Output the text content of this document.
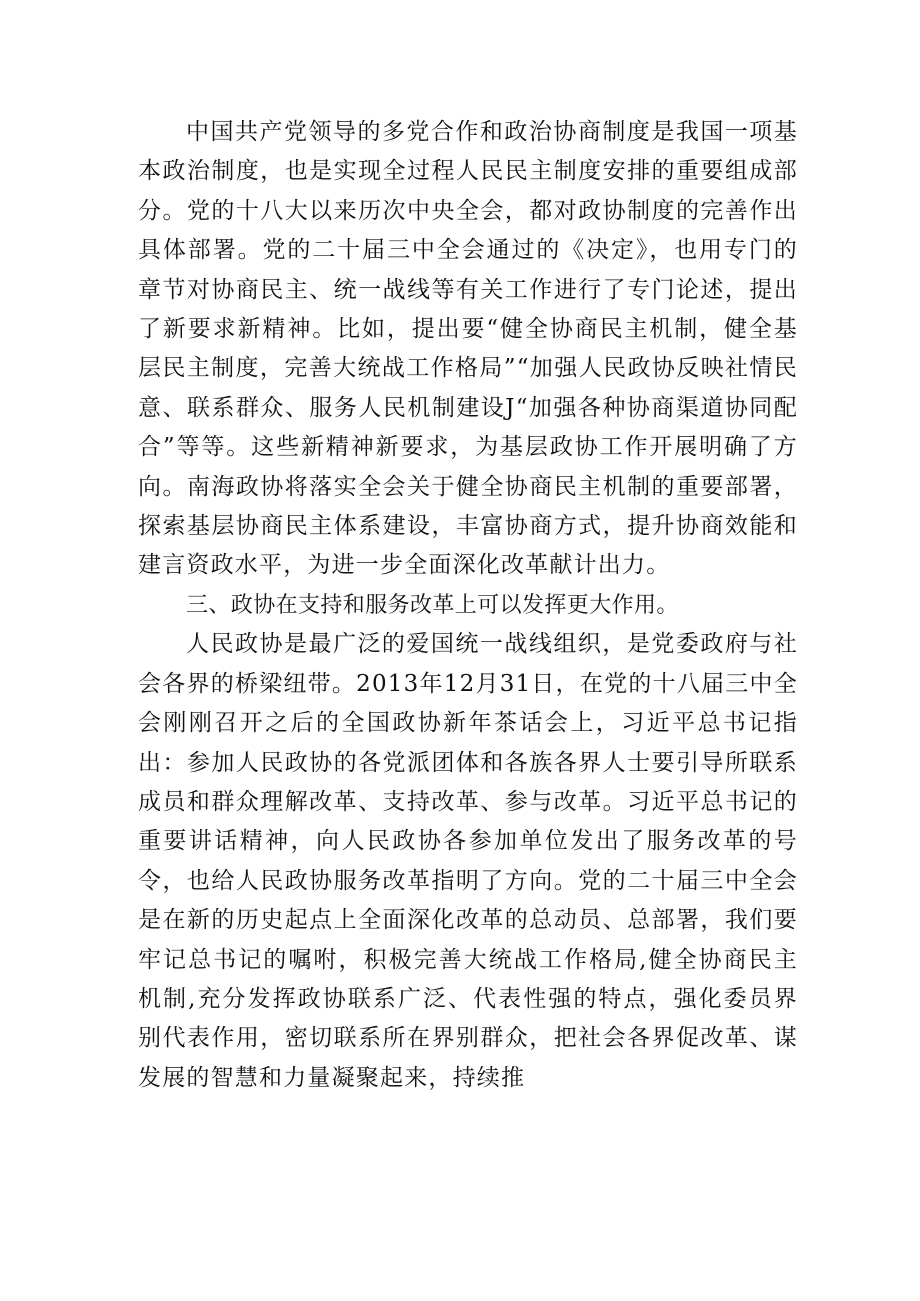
中国共产党领导的多党合作和政治协商制度是我国一项基本政治制度，也是实现全过程人民民主制度安排的重要组成部分。党的十八大以来历次中央全会，都对政协制度的完善作出具体部署。党的二十届三中全会通过的《决定》，也用专门的章节对协商民主、统一战线等有关工作进行了专门论述，提出了新要求新精神。比如，提出要“健全协商民主机制，健全基层民主制度，完善大统战工作格局”“加强人民政协反映社情民意、联系群众、服务人民机制建设J“加强各种协商渠道协同配合”等等。这些新精神新要求，为基层政协工作开展明确了方向。南海政协将落实全会关于健全协商民主机制的重要部署，探索基层协商民主体系建设，丰富协商方式，提升协商效能和建言资政水平，为进一步全面深化改革献计出力。

三、政协在支持和服务改革上可以发挥更大作用。

人民政协是最广泛的爱国统一战线组织，是党委政府与社会各界的桥梁纽带。2013年12月31日，在党的十八届三中全会刚刚召开之后的全国政协新年茶话会上，习近平总书记指出：参加人民政协的各党派团体和各族各界人士要引导所联系成员和群众理解改革、支持改革、参与改革。习近平总书记的重要讲话精神，向人民政协各参加单位发出了服务改革的号令，也给人民政协服务改革指明了方向。党的二十届三中全会是在新的历史起点上全面深化改革的总动员、总部署，我们要牢记总书记的嘱咐，积极完善大统战工作格局,健全协商民主机制,充分发挥政协联系广泛、代表性强的特点，强化委员界别代表作用，密切联系所在界别群众，把社会各界促改革、谋发展的智慧和力量凝聚起来，持续推
